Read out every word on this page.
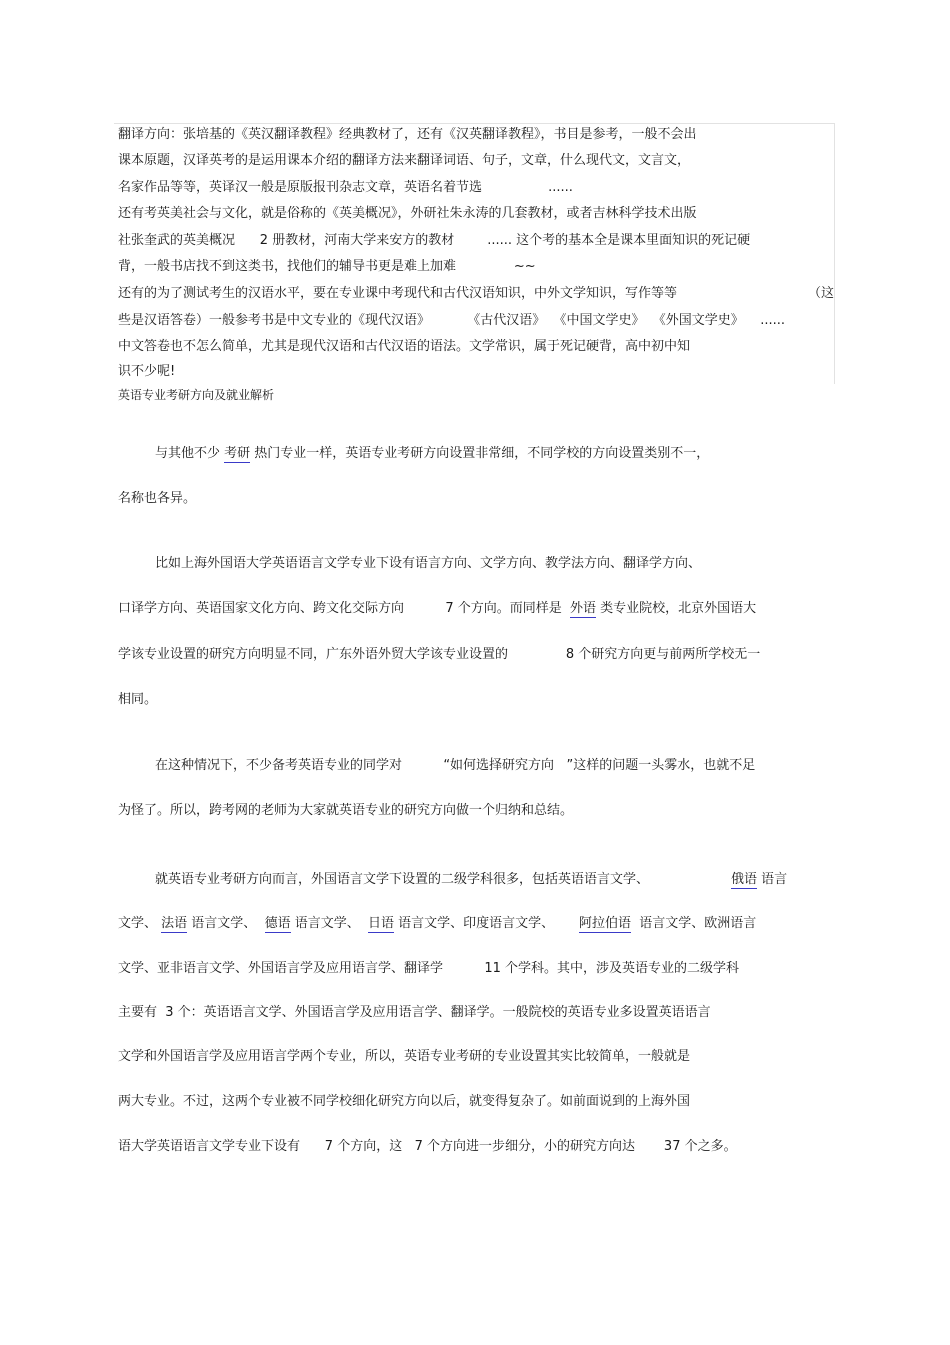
翻译方向：张培基的《英汉翻译教程》经典教材了，还有《汉英翻译教程》，书目是参考，一般不会出
课本原题，汉译英考的是运用课本介绍的翻译方法来翻译词语、句子，文章，什么现代文，文言文，
名家作品等等，英译汉一般是原版报刊杂志文章，英语名着节选                ......
还有考英美社会与文化，就是俗称的《英美概况》，外研社朱永涛的几套教材，或者吉林科学技术出版
社张奎武的英美概况      2 册教材，河南大学来安方的教材        ...... 这个考的基本全是课本里面知识的死记硬
背，一般书店找不到这类书，找他们的辅导书更是难上加难              ~~
还有的为了测试考生的汉语水平，要在专业课中考现代和古代汉语知识，中外文学知识，写作等等	（这
些是汉语答卷）一般参考书是中文专业的《现代汉语》         《古代汉语》  《中国文学史》  《外国文学史》    ......
中文答卷也不怎么简单，尤其是现代汉语和古代汉语的语法。文学常识，属于死记硬背，高中初中知
识不少呢!
英语专业考研方向及就业解析
与其他不少 考研 热门专业一样，英语专业考研方向设置非常细，不同学校的方向设置类别不一，
名称也各异。
比如上海外国语大学英语语言文学专业下设有语言方向、文学方向、教学法方向、翻译学方向、
口译学方向、英语国家文化方向、跨文化交际方向          7 个方向。而同样是  外语 类专业院校，北京外国语大
学该专业设置的研究方向明显不同，广东外语外贸大学该专业设置的              8 个研究方向更与前两所学校无一
相同。
在这种情况下，不少备考英语专业的同学对          “如何选择研究方向   ”这样的问题一头雾水，也就不足
为怪了。所以，跨考网的老师为大家就英语专业的研究方向做一个归纳和总结。
就英语专业考研方向而言，外国语言文学下设置的二级学科很多，包括英语语言文学、	俄语 语言
文学、 法语 语言文学、  德语 语言文学、  日语 语言文学、印度语言文学、      阿拉伯语  语言文学、欧洲语言
文学、亚非语言文学、外国语言学及应用语言学、翻译学          11 个学科。其中，涉及英语专业的二级学科
主要有  3 个：英语语言文学、外国语言学及应用语言学、翻译学。一般院校的英语专业多设置英语语言
文学和外国语言学及应用语言学两个专业，所以，英语专业考研的专业设置其实比较简单，一般就是
两大专业。不过，这两个专业被不同学校细化研究方向以后，就变得复杂了。如前面说到的上海外国
语大学英语语言文学专业下设有      7 个方向，这   7 个方向进一步细分，小的研究方向达       37 个之多。
